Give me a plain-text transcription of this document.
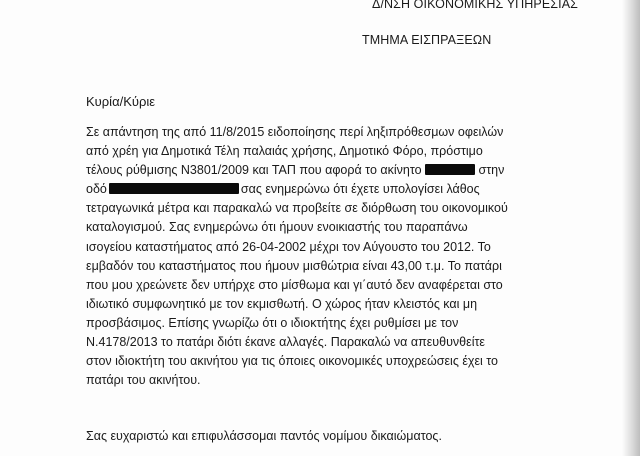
Δ/ΝΣΗ ΟΙΚΟΝΟΜΙΚΗΣ ΥΠΗΡΕΣΙΑΣ
ΤΜΗΜΑ ΕΙΣΠΡΑΞΕΩΝ
Κυρία/Κύριε
Σε απάντηση της από 11/8/2015 ειδοποίησης περί ληξιπρόθεσμων οφειλών
από χρέη για Δημοτικά Τέλη παλαιάς χρήσης, Δημοτικό Φόρο, πρόστιμο
τέλους ρύθμισης Ν3801/2009 και ΤΑΠ που αφορά το ακίνητο	στην
οδό	σας ενημερώνω ότι έχετε υπολογίσει λάθος
τετραγωνικά μέτρα και παρακαλώ να προβείτε σε διόρθωση του οικονομικού
καταλογισμού. Σας ενημερώνω ότι ήμουν ενοικιαστής του παραπάνω
ισογείου καταστήματος από 26-04-2002 μέχρι τον Αύγουστο του 2012. Το
εμβαδόν του καταστήματος που ήμουν μισθώτρια είναι 43,00 τ.μ. Το πατάρι
που μου χρεώνετε δεν υπήρχε στο μίσθωμα και γι΄αυτό δεν αναφέρεται στο
ιδιωτικό συμφωνητικό με τον εκμισθωτή. Ο χώρος ήταν κλειστός και μη
προσβάσιμος. Επίσης γνωρίζω ότι ο ιδιοκτήτης έχει ρυθμίσει με τον
Ν.4178/2013 το πατάρι διότι έκανε αλλαγές. Παρακαλώ να απευθυνθείτε
στον ιδιοκτήτη του ακινήτου για τις όποιες οικονομικές υποχρεώσεις έχει το
πατάρι του ακινήτου.
Σας ευχαριστώ και επιφυλάσσομαι παντός νομίμου δικαιώματος.
